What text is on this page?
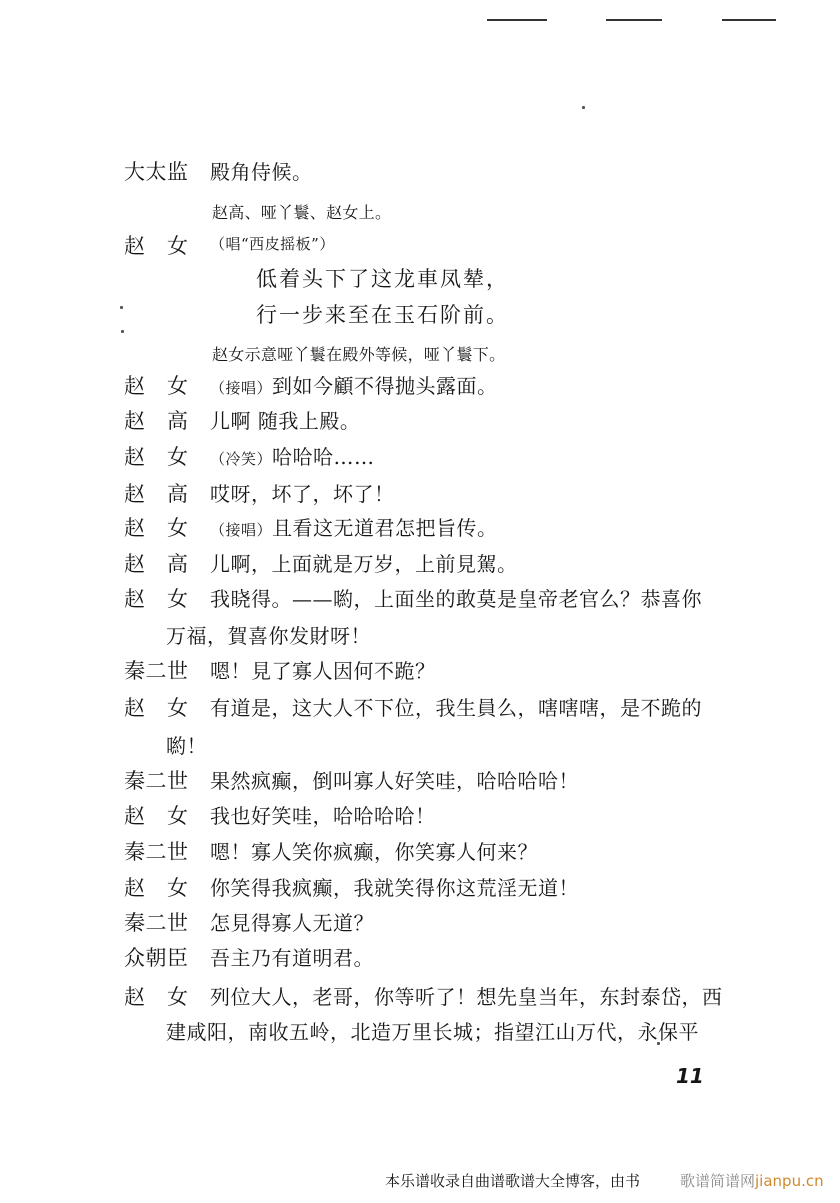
大太监 殿角侍候。
赵高、哑丫鬟、赵女上。
赵女 （唱“西皮摇板”）
低着头下了这龙車凤辇，
行一步来至在玉石阶前。
赵女示意哑丫鬟在殿外等候，哑丫鬟下。
赵女 （接唱）到如今顧不得抛头露面。
赵高 儿啊 随我上殿。
赵女 （冷笑）哈哈哈……
赵高 哎呀，坏了，坏了！
赵女 （接唱）且看这无道君怎把旨传。
赵高 儿啊，上面就是万岁，上前見駕。
赵女 我晓得。——喲，上面坐的敢莫是皇帝老官么？恭喜你
万福，賀喜你发財呀！
秦二世 嗯！見了寡人因何不跪？
赵女 有道是，这大人不下位，我生員么，嗐嗐嗐，是不跪的
喲！
秦二世 果然疯癫，倒叫寡人好笑哇，哈哈哈哈！
赵女 我也好笑哇，哈哈哈哈！
秦二世 嗯！寡人笑你疯癫，你笑寡人何来？
赵女 你笑得我疯癫，我就笑得你这荒淫无道！
秦二世 怎見得寡人无道？
众朝臣 吾主乃有道明君。
赵女 列位大人，老哥，你等听了！想先皇当年，东封泰岱，西
建咸阳，南收五岭，北造万里长城；指望江山万代，永保平
11
本乐谱收录自曲谱歌谱大全博客，由书	歌谱简谱网jianpu.cn
